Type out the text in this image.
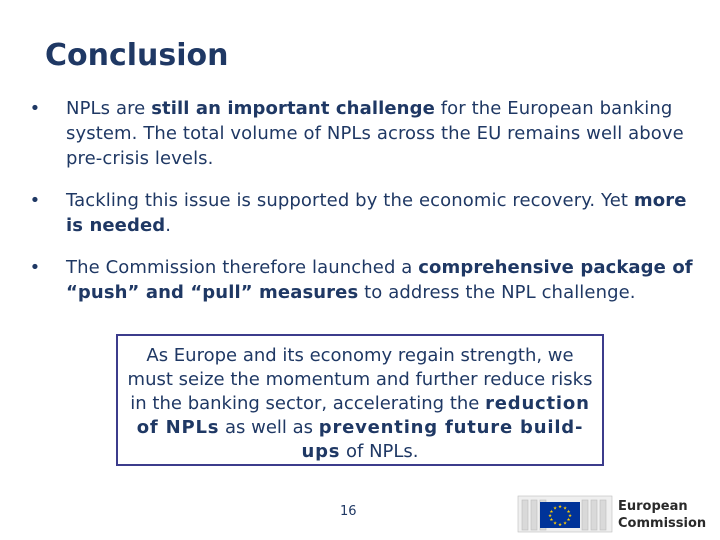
Conclusion
• NPLs are still an important challenge for the European banking system. The total volume of NPLs across the EU remains well above pre-crisis levels.
• Tackling this issue is supported by the economic recovery. Yet more is needed.
• The Commission therefore launched a comprehensive package of “push” and “pull” measures to address the NPL challenge.
As Europe and its economy regain strength, we must seize the momentum and further reduce risks in the banking sector, accelerating the reduction of NPLs as well as preventing future build-ups of NPLs.
16	★ ★
★
★
★
★
★
★
★
★
★
★	European
Commission
